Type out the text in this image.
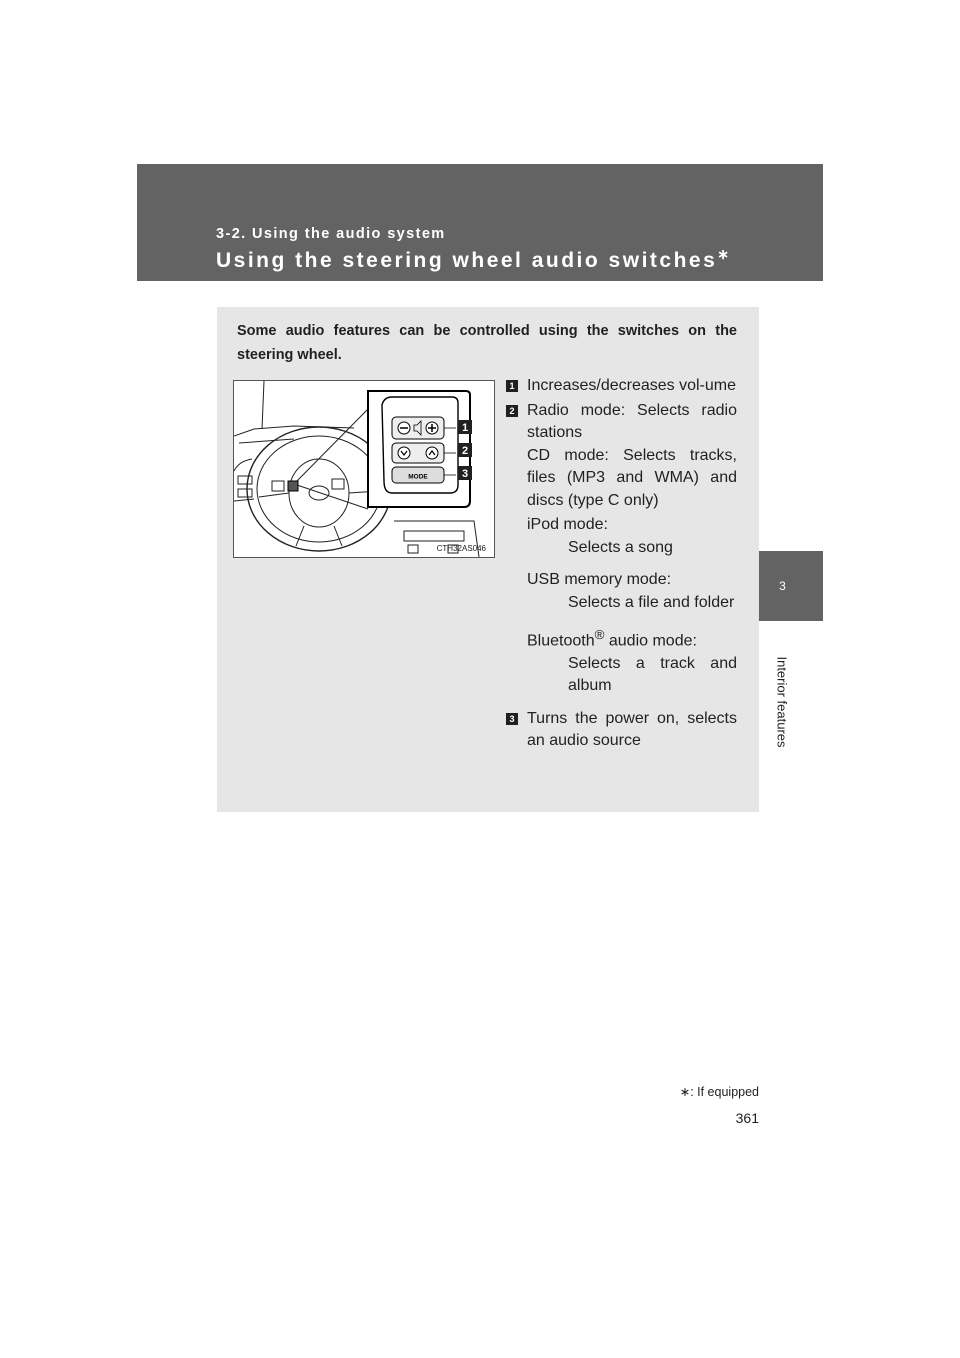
3-2. Using the audio system
Using the steering wheel audio switches∗
3
Interior features
Some audio features can be controlled using the switches on the steering wheel.
MODE
1
2
3
CTH32AS046
1 Increases/decreases vol-ume
2 Radio mode: Selects radio stations
CD mode: Selects tracks, files (MP3 and WMA) and discs (type C only)
iPod mode:
Selects a song
USB memory mode:
Selects a file and folder
Bluetooth® audio mode:
Selects a track and album
3 Turns the power on, selects an audio source
∗: If equipped
361
